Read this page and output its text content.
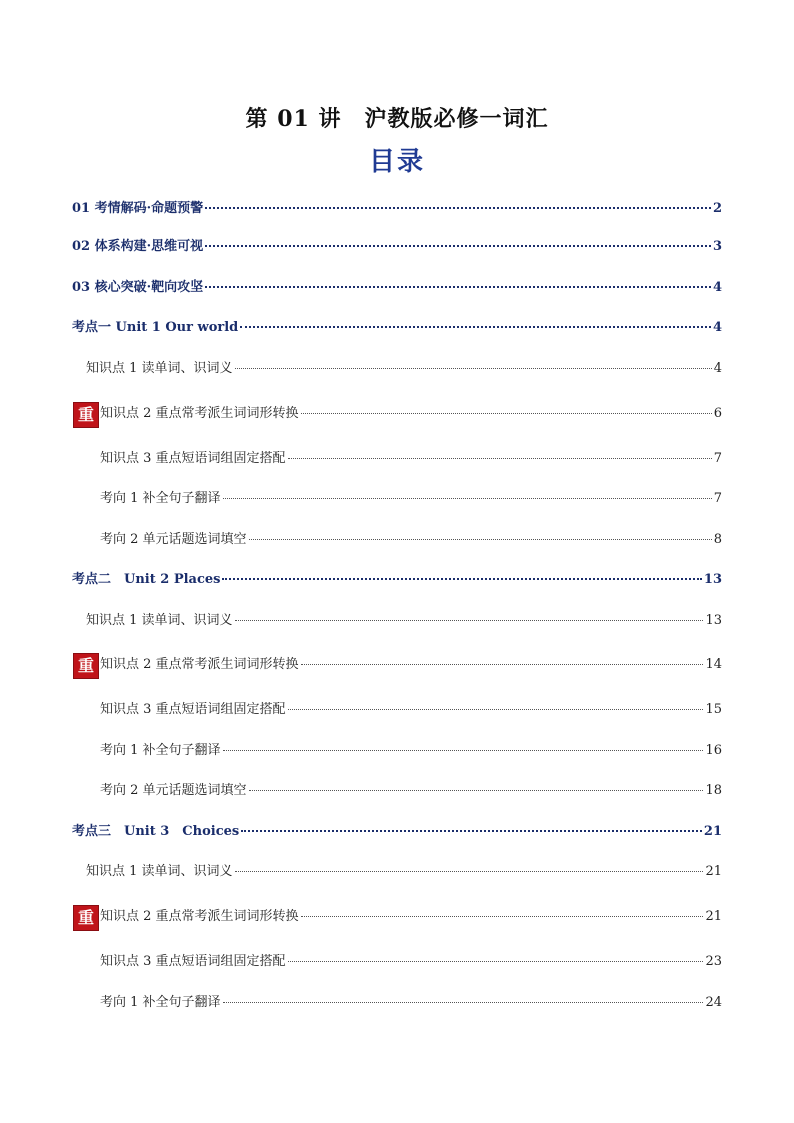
第 01 讲　沪教版必修一词汇
目录
01 考情解码·命题预警	2
02 体系构建·思维可视	3
03 核心突破·靶向攻坚	4
考点一 Unit 1 Our world	4
知识点 1 读单词、识词义	4
重 知识点 2 重点常考派生词词形转换	6
知识点 3 重点短语词组固定搭配	7
考向 1 补全句子翻译	7
考向 2 单元话题选词填空	8
考点二　Unit 2 Places	13
知识点 1 读单词、识词义	13
重 知识点 2 重点常考派生词词形转换	14
知识点 3 重点短语词组固定搭配	15
考向 1 补全句子翻译	16
考向 2 单元话题选词填空	18
考点三　Unit 3　Choices	21
知识点 1 读单词、识词义	21
重 知识点 2 重点常考派生词词形转换	21
知识点 3 重点短语词组固定搭配	23
考向 1 补全句子翻译	24
